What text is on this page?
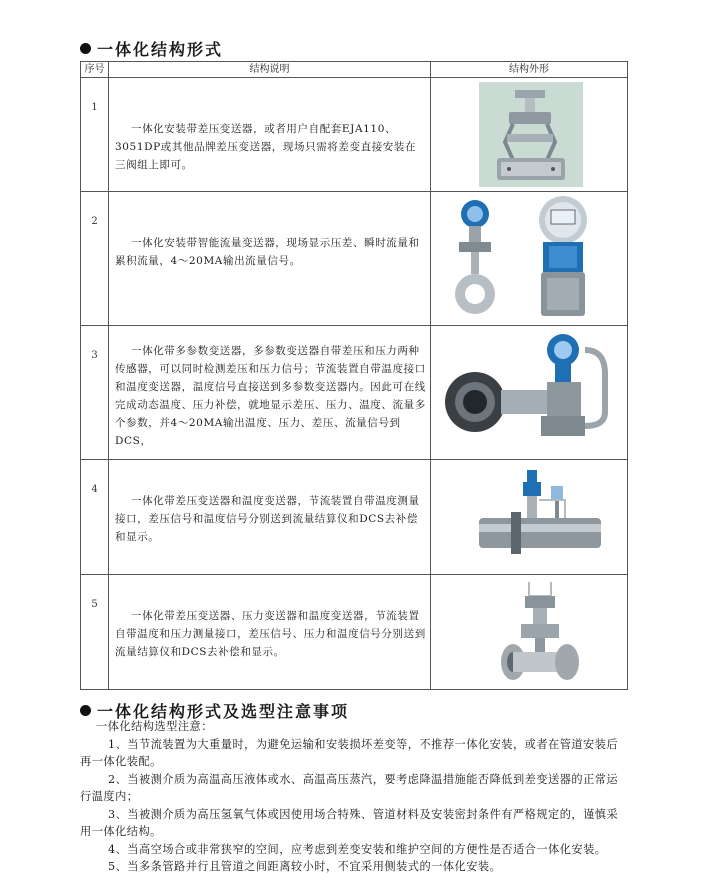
一体化结构形式
序号	结构说明	结构外形

1	一体化安装带差压变送器，或者用户自配套EJA110、3051DP或其他品牌差压变送器，现场只需将差变直接安装在三阀组上即可。

2	一体化安装带智能流量变送器，现场显示压差、瞬时流量和累积流量，4～20MA输出流量信号。

3	一体化带多参数变送器，多参数变送器自带差压和压力两种传感器，可以同时检测差压和压力信号；节流装置自带温度接口和温度变送器，温度信号直接送到多参数变送器内。因此可在线完成动态温度、压力补偿，就地显示差压、压力、温度、流量多个参数，并4～20MA输出温度、压力、差压、流量信号到DCS，

4	一体化带差压变送器和温度变送器，节流装置自带温度测量接口，差压信号和温度信号分别送到流量结算仪和DCS去补偿和显示。

5	一体化带差压变送器、压力变送器和温度变送器，节流装置自带温度和压力测量接口，差压信号、压力和温度信号分别送到流量结算仪和DCS去补偿和显示。

一体化结构形式及选型注意事项

一体化结构选型注意：

1、当节流装置为大重量时，为避免运输和安装损坏差变等，不推荐一体化安装，或者在管道安装后再一体化装配。

2、当被测介质为高温高压液体或水、高温高压蒸汽，要考虑降温措施能否降低到差变送器的正常运行温度内；

3、当被测介质为高压氢氧气体或因使用场合特殊、管道材料及安装密封条件有严格规定的，谨慎采用一体化结构。

4、当高空场合或非常狭窄的空间，应考虑到差变安装和维护空间的方便性是否适合一体化安装。

5、当多条管路并行且管道之间距离较小时，不宜采用侧装式的一体化安装。
